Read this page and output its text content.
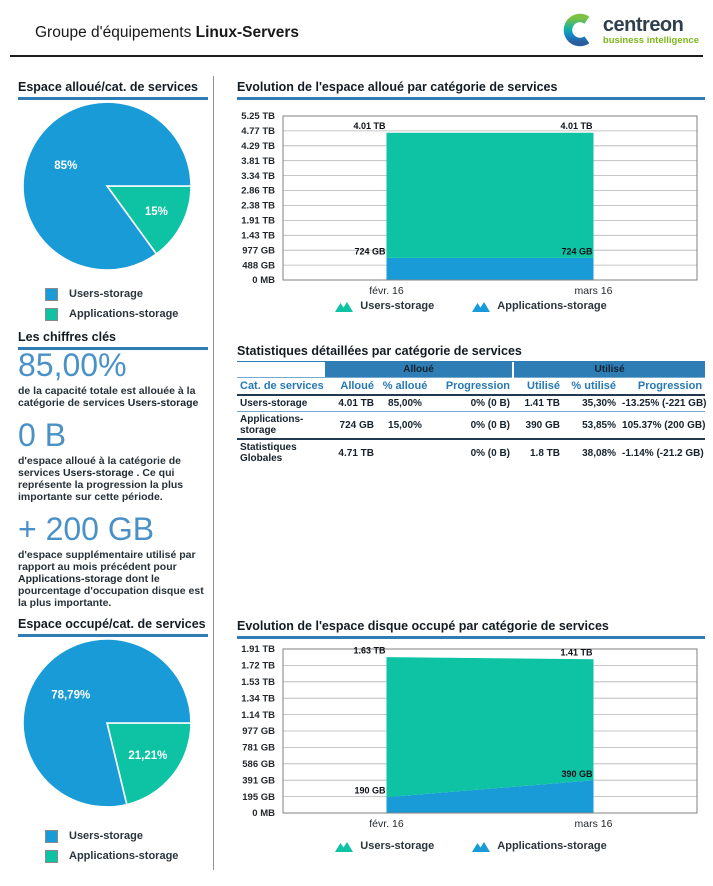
Groupe d'équipements Linux-Servers	centreon
business intelligence
Espace alloué/cat. de services
15%
85%
Users-storage
Applications-storage
Les chiffres clés
85,00%

de la capacité totale est allouée à la catégorie de services Users-storage

0 B

d'espace alloué à la catégorie de services Users-storage . Ce qui représente la progression la plus importante sur cette période.

+ 200 GB

d'espace supplémentaire utilisé par rapport au mois précédent pour Applications-storage dont le pourcentage d'occupation disque est la plus importante.

Espace occupé/cat. de services
21,21%
78,79%
Users-storage
Applications-storage
Evolution de l'espace alloué par catégorie de services
0 MB
488 GB
977 GB
1.43 TB
1.91 TB
2.38 TB
2.86 TB
3.34 TB
3.81 TB
4.29 TB
4.77 TB
5.25 TB
724 GB	724 GB
4.01 TB	4.01 TB
févr. 16	mars 16
Users-storage	Applications-storage
Statistiques détaillées par catégorie de services
	Alloué			Utilisé		
Cat. de services	Alloué	% alloué	Progression	Utilisé	% utilisé	Progression
Users-storage	4.01 TB	85,00%	0% (0 B)	1.41 TB	35,30%	-13.25% (-221 GB)
Applications-storage	724 GB	15,00%	0% (0 B)	390 GB	53,85%	105.37% (200 GB)
Statistiques Globales	4.71 TB		0% (0 B)	1.8 TB	38,08%	-1.14% (-21.2 GB)
Evolution de l'espace disque occupé par catégorie de services
0 MB
195 GB
391 GB
586 GB
781 GB
977 GB
1.14 TB
1.34 TB
1.53 TB
1.72 TB
1.91 TB
190 GB
390 GB
1.63 TB	1.41 TB
févr. 16	mars 16
Users-storage	Applications-storage
